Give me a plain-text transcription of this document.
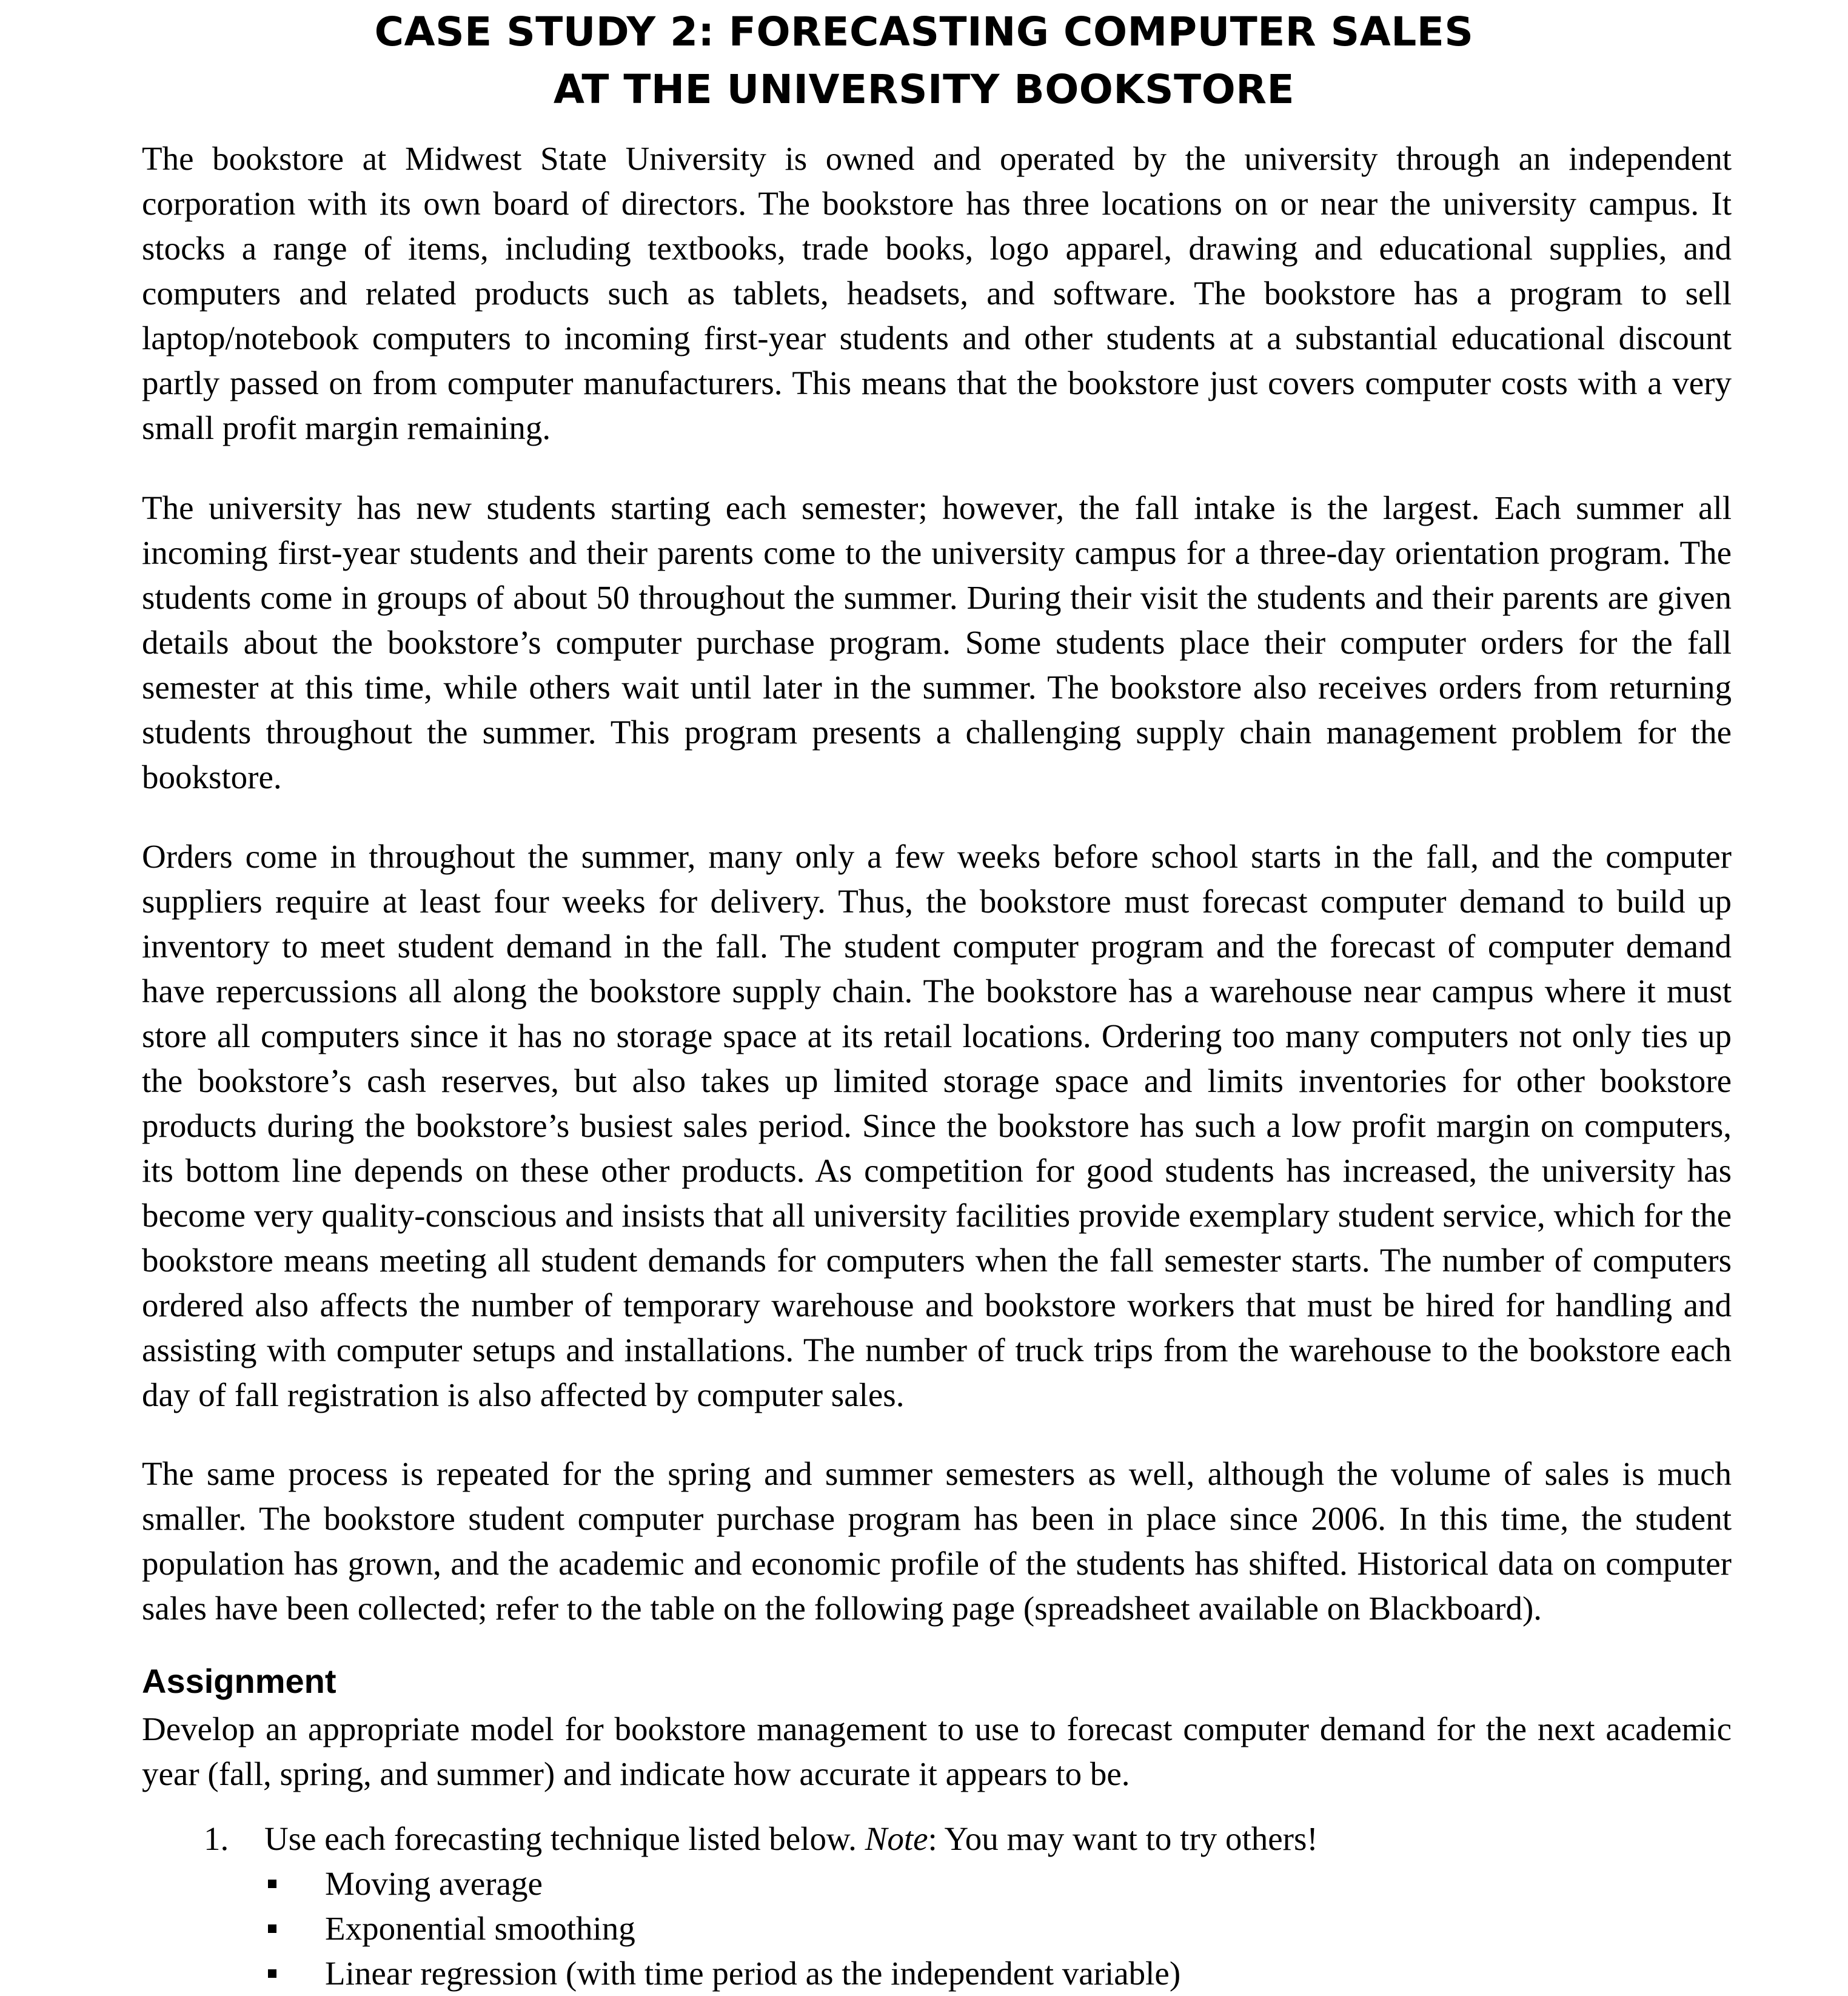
CASE STUDY 2: FORECASTING COMPUTER SALES
AT THE UNIVERSITY BOOKSTORE

The bookstore at Midwest State University is owned and operated by the university through an independent corporation with its own board of directors. The bookstore has three locations on or near the university campus. It stocks a range of items, including textbooks, trade books, logo apparel, drawing and educational supplies, and computers and related products such as tablets, headsets, and software. The bookstore has a program to sell laptop/notebook computers to incoming first-year students and other students at a substantial educational discount partly passed on from computer manufacturers. This means that the bookstore just covers computer costs with a very small profit margin remaining.

The university has new students starting each semester; however, the fall intake is the largest. Each summer all incoming first-year students and their parents come to the university campus for a three-day orientation program. The students come in groups of about 50 throughout the summer. During their visit the students and their parents are given details about the bookstore’s computer purchase program. Some students place their computer orders for the fall semester at this time, while others wait until later in the summer. The bookstore also receives orders from returning students throughout the summer. This program presents a challenging supply chain management problem for the bookstore.

Orders come in throughout the summer, many only a few weeks before school starts in the fall, and the computer suppliers require at least four weeks for delivery. Thus, the bookstore must forecast computer demand to build up inventory to meet student demand in the fall. The student computer program and the forecast of computer demand have repercussions all along the bookstore supply chain. The bookstore has a warehouse near campus where it must store all computers since it has no storage space at its retail locations. Ordering too many computers not only ties up the bookstore’s cash reserves, but also takes up limited storage space and limits inventories for other bookstore products during the bookstore’s busiest sales period. Since the bookstore has such a low profit margin on computers, its bottom line depends on these other products. As competition for good students has increased, the university has become very quality-conscious and insists that all university facilities provide exemplary student service, which for the bookstore means meeting all student demands for computers when the fall semester starts. The number of computers ordered also affects the number of temporary warehouse and bookstore workers that must be hired for handling and assisting with computer setups and installations. The number of truck trips from the warehouse to the bookstore each day of fall registration is also affected by computer sales.

The same process is repeated for the spring and summer semesters as well, although the volume of sales is much smaller. The bookstore student computer purchase program has been in place since 2006. In this time, the student population has grown, and the academic and economic profile of the students has shifted. Historical data on computer sales have been collected; refer to the table on the following page (spreadsheet available on Blackboard).

Assignment

Develop an appropriate model for bookstore management to use to forecast computer demand for the next academic year (fall, spring, and summer) and indicate how accurate it appears to be.

1. Use each forecasting technique listed below. Note: You may want to try others!
Moving average
Exponential smoothing
Linear regression (with time period as the independent variable)
